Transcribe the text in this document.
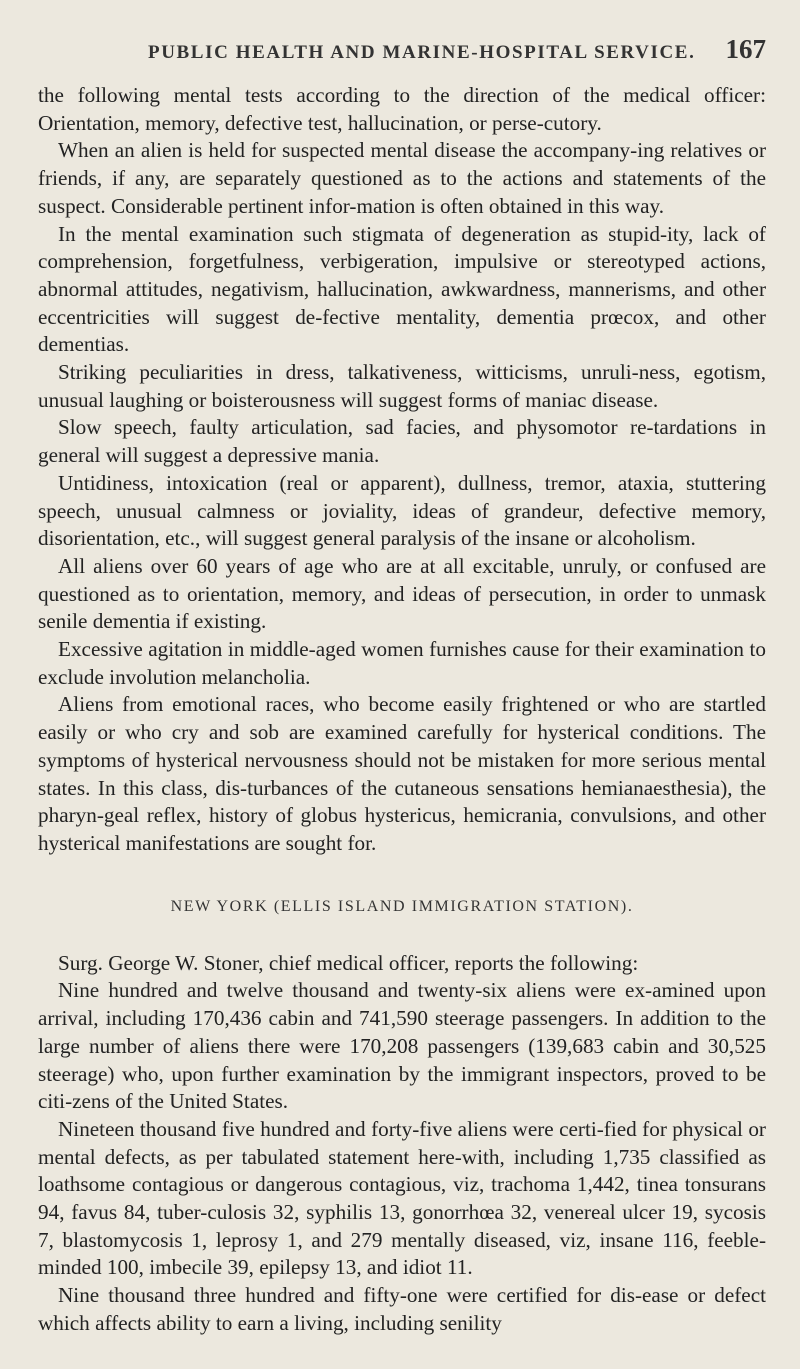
PUBLIC HEALTH AND MARINE-HOSPITAL SERVICE. 167

the following mental tests according to the direction of the medical officer: Orientation, memory, defective test, hallucination, or perse-cutory.

When an alien is held for suspected mental disease the accompany-ing relatives or friends, if any, are separately questioned as to the actions and statements of the suspect. Considerable pertinent infor-mation is often obtained in this way.

In the mental examination such stigmata of degeneration as stupid-ity, lack of comprehension, forgetfulness, verbigeration, impulsive or stereotyped actions, abnormal attitudes, negativism, hallucination, awkwardness, mannerisms, and other eccentricities will suggest de-fective mentality, dementia prœcox, and other dementias.

Striking peculiarities in dress, talkativeness, witticisms, unruli-ness, egotism, unusual laughing or boisterousness will suggest forms of maniac disease.

Slow speech, faulty articulation, sad facies, and physomotor re-tardations in general will suggest a depressive mania.

Untidiness, intoxication (real or apparent), dullness, tremor, ataxia, stuttering speech, unusual calmness or joviality, ideas of grandeur, defective memory, disorientation, etc., will suggest general paralysis of the insane or alcoholism.

All aliens over 60 years of age who are at all excitable, unruly, or confused are questioned as to orientation, memory, and ideas of persecution, in order to unmask senile dementia if existing.

Excessive agitation in middle-aged women furnishes cause for their examination to exclude involution melancholia.

Aliens from emotional races, who become easily frightened or who are startled easily or who cry and sob are examined carefully for hysterical conditions. The symptoms of hysterical nervousness should not be mistaken for more serious mental states. In this class, dis-turbances of the cutaneous sensations hemianaesthesia), the pharyn-geal reflex, history of globus hystericus, hemicrania, convulsions, and other hysterical manifestations are sought for.

NEW YORK (ELLIS ISLAND IMMIGRATION STATION).

Surg. George W. Stoner, chief medical officer, reports the following:

Nine hundred and twelve thousand and twenty-six aliens were ex-amined upon arrival, including 170,436 cabin and 741,590 steerage passengers. In addition to the large number of aliens there were 170,208 passengers (139,683 cabin and 30,525 steerage) who, upon further examination by the immigrant inspectors, proved to be citi-zens of the United States.

Nineteen thousand five hundred and forty-five aliens were certi-fied for physical or mental defects, as per tabulated statement here-with, including 1,735 classified as loathsome contagious or dangerous contagious, viz, trachoma 1,442, tinea tonsurans 94, favus 84, tuber-culosis 32, syphilis 13, gonorrhœa 32, venereal ulcer 19, sycosis 7, blastomycosis 1, leprosy 1, and 279 mentally diseased, viz, insane 116, feeble-minded 100, imbecile 39, epilepsy 13, and idiot 11.

Nine thousand three hundred and fifty-one were certified for dis-ease or defect which affects ability to earn a living, including senility
